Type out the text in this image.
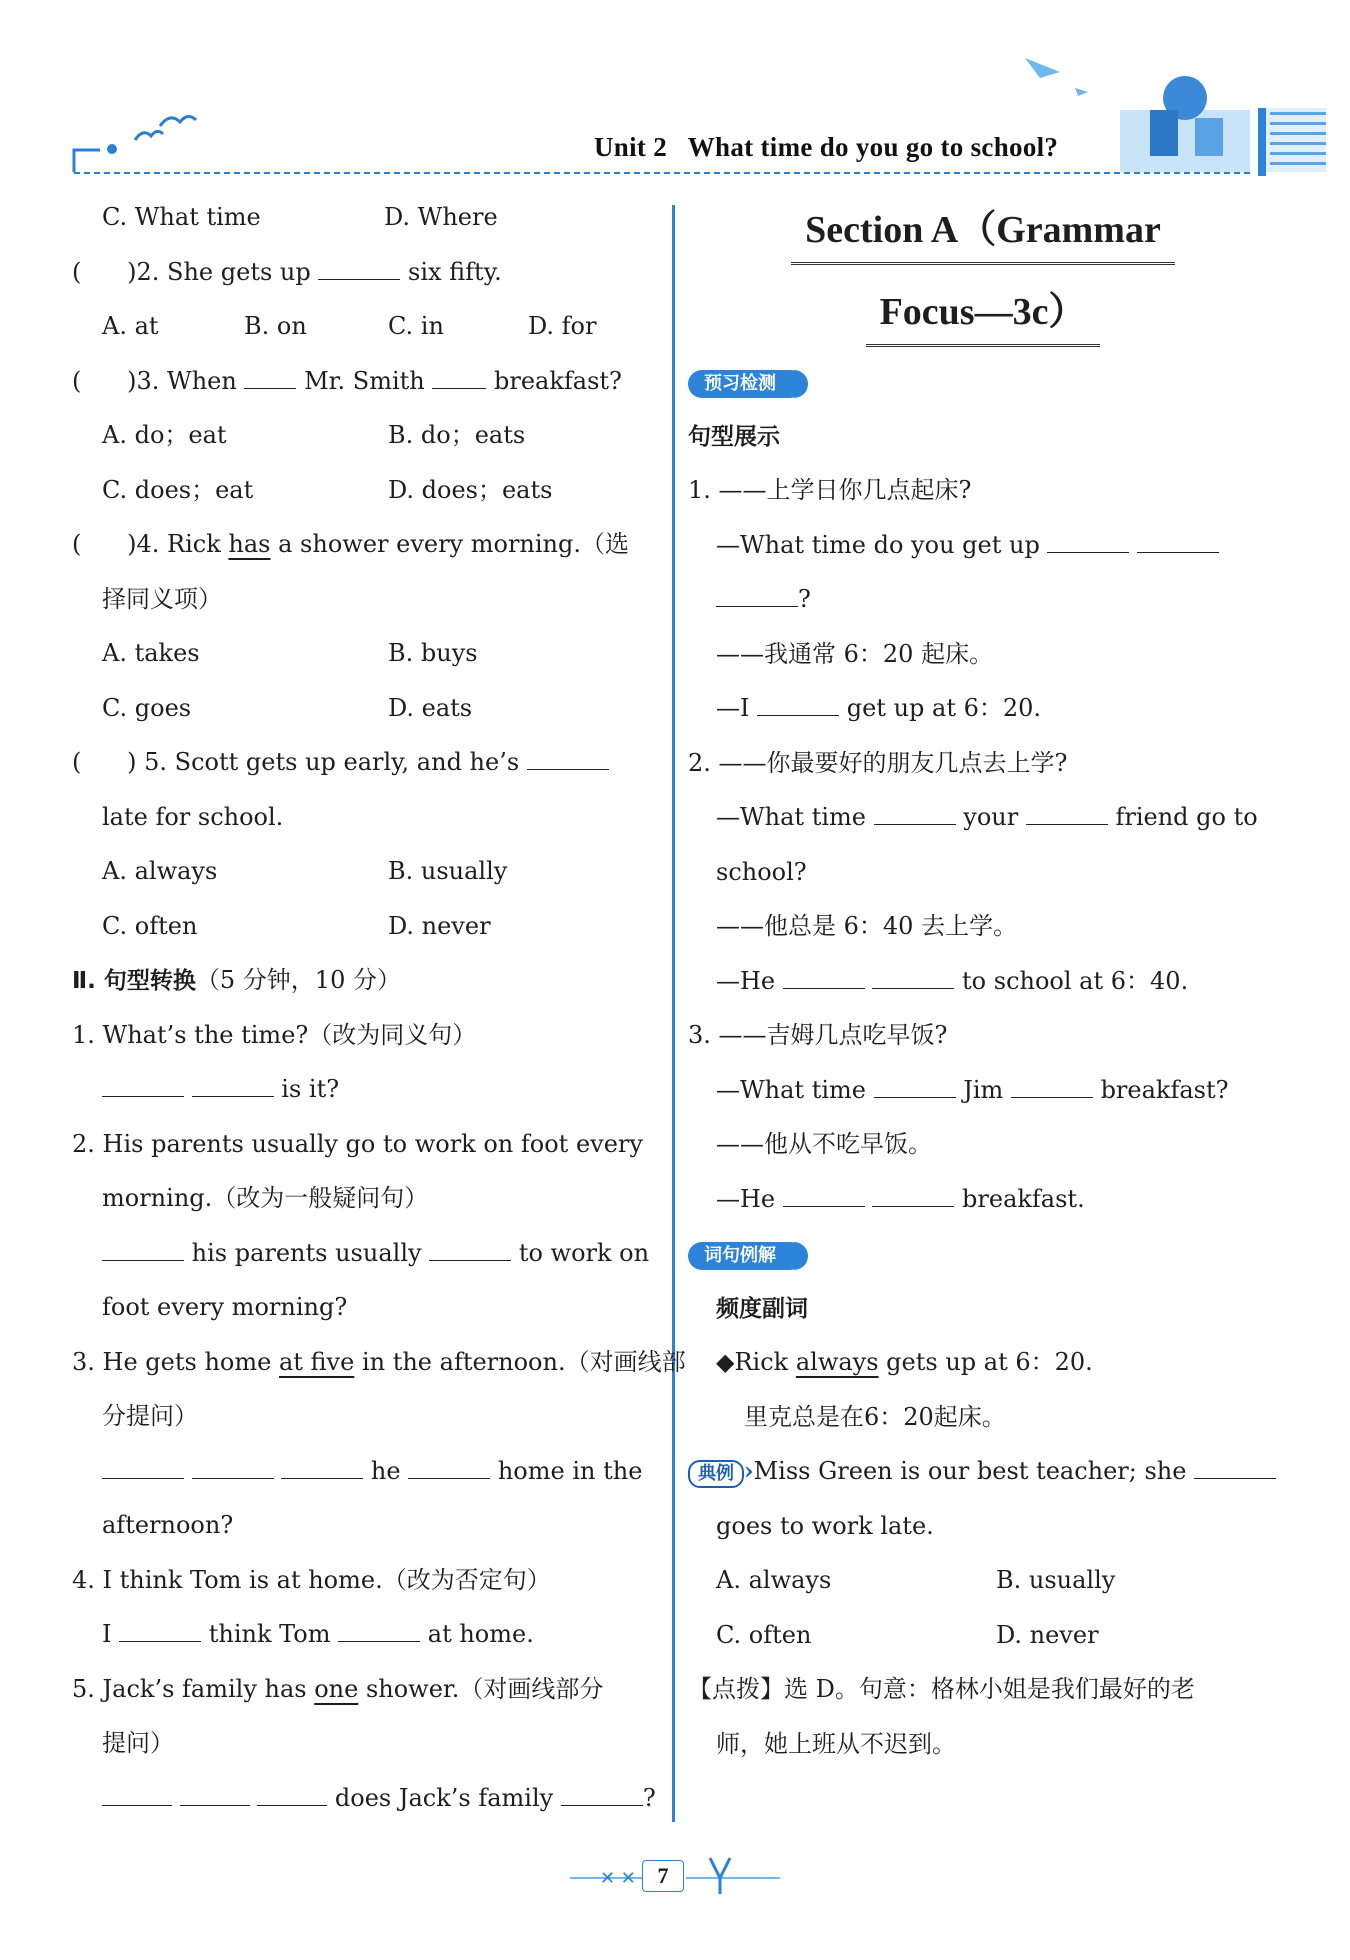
Unit 2   What time do you go to school?
C. What time	D. Where
(      )2. She gets up	six fifty.
A. at	B. on	C. in	D. for
(      )3. When  Mr. Smith  breakfast?
A. do；eat	B. do；eats
C. does；eat	D. does；eats
(      )4. Rick has a shower every morning.（选
择同义项）
A. takes	B. buys
C. goes	D. eats
(      ) 5. Scott gets up early, and he’s
late for school.
A. always	B. usually
C. often	D. never
Ⅱ. 句型转换（5 分钟，10 分）
1. What’s the time?（改为同义句）
is it?
2. His parents usually go to work on foot every
morning.（改为一般疑问句）
his parents usually	to work on
foot every morning?
3. He gets home at five in the afternoon.（对画线部
分提问）
he	home in the
afternoon?
4. I think Tom is at home.（改为否定句）
I	think Tom	at home.
5. Jack’s family has one shower.（对画线部分
提问）
does Jack’s family	?
Section A（Grammar
Focus—3c）
预习检测
句型展示
1. ——上学日你几点起床?
—What time do you get up
?
——我通常 6：20 起床。
—I	get up at 6：20.
2. ——你最要好的朋友几点去上学?
—What time	your	friend go to
school?
——他总是 6：40 去上学。
—He	to school at 6：40.
3. ——吉姆几点吃早饭?
—What time	Jim	breakfast?
——他从不吃早饭。
—He	breakfast.
词句例解
频度副词
◆Rick always gets up at 6：20.
里克总是在6：20起床。
典例 ›Miss Green is our best teacher; she
goes to work late.
A. always	B. usually
C. often	D. never
【点拨】选 D。句意：格林小姐是我们最好的老
师，她上班从不迟到。
✕ ✕ 7
